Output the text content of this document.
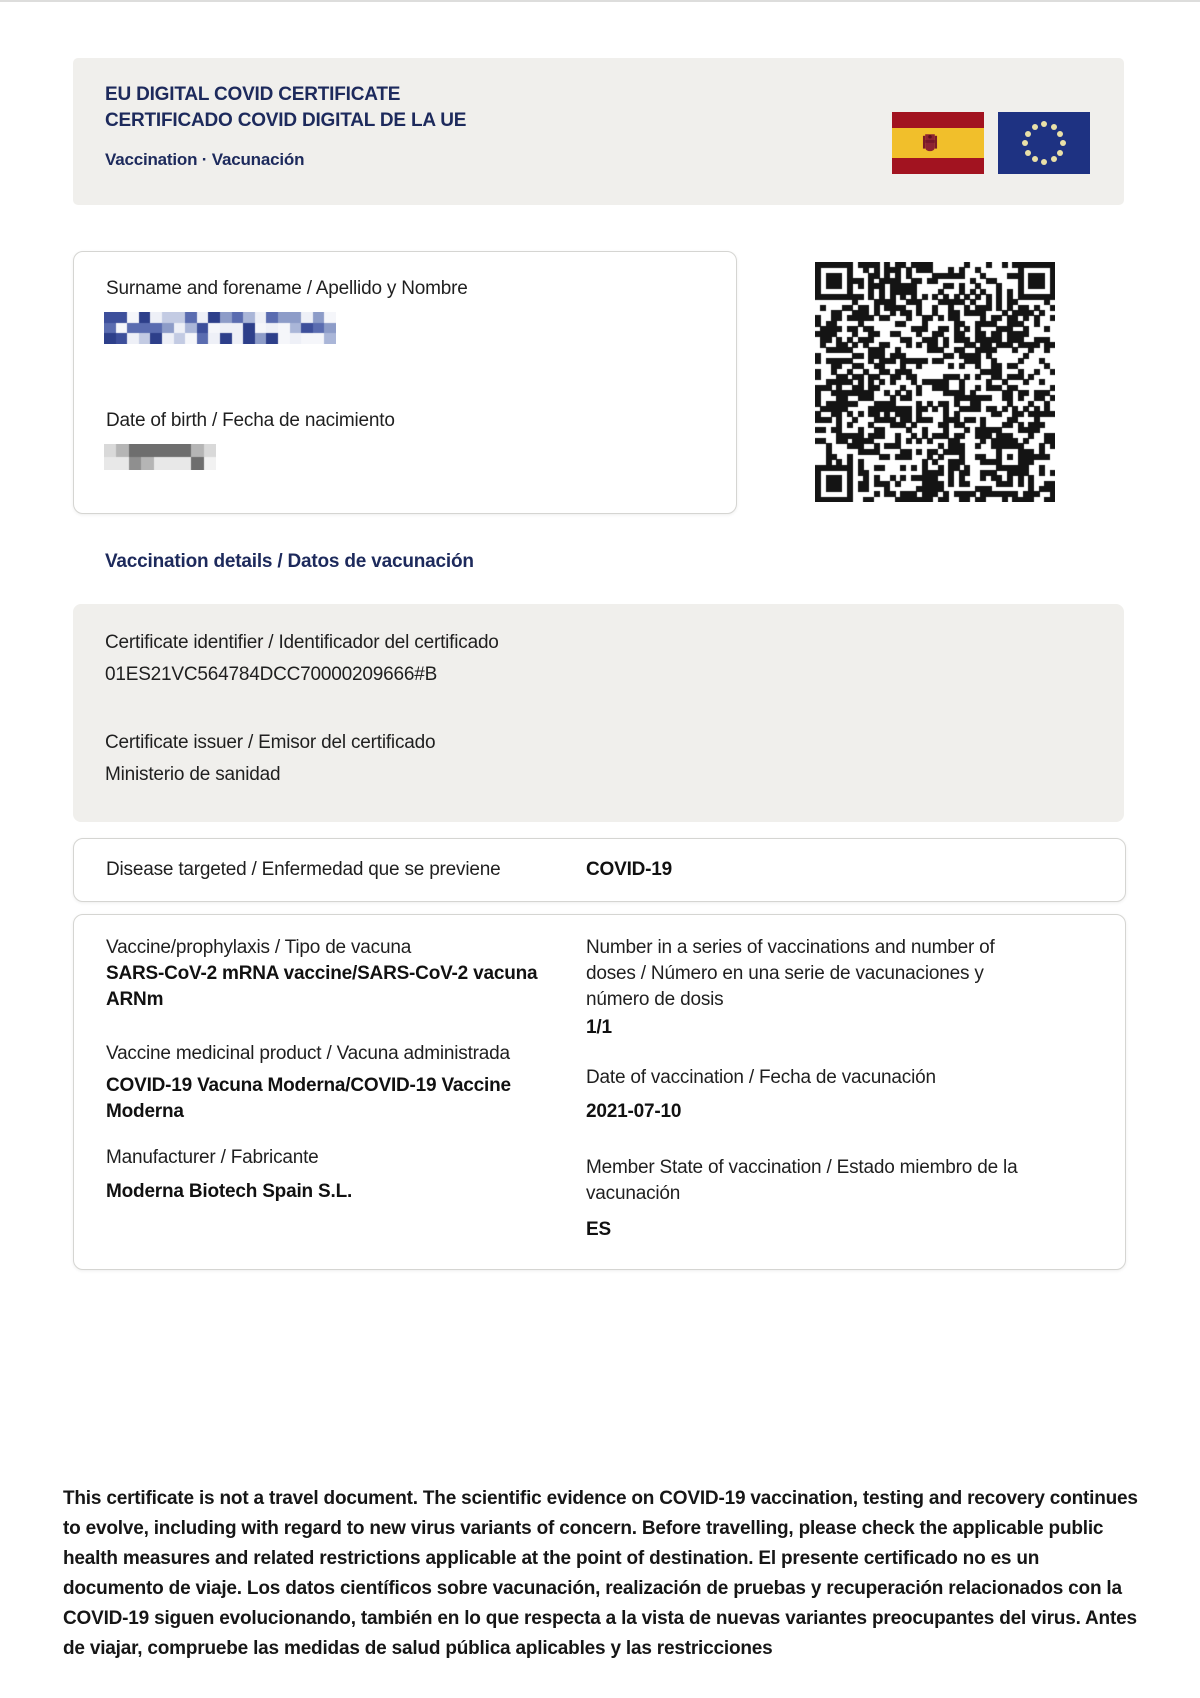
EU DIGITAL COVID CERTIFICATE
CERTIFICADO COVID DIGITAL DE LA UE
Vaccination · Vacunación
Surname and forename / Apellido y Nombre
Date of birth / Fecha de nacimiento
Vaccination details / Datos de vacunación
Certificate identifier / Identificador del certificado
01ES21VC564784DCC70000209666#B
Certificate issuer / Emisor del certificado
Ministerio de sanidad
Disease targeted / Enfermedad que se previene	COVID-19
Vaccine/prophylaxis / Tipo de vacuna
SARS-CoV-2 mRNA vaccine/SARS-CoV-2 vacuna ARNm
Vaccine medicinal product / Vacuna administrada
COVID-19 Vacuna Moderna/COVID-19 Vaccine Moderna
Manufacturer / Fabricante
Moderna Biotech Spain S.L.
Number in a series of vaccinations and number of doses / Número en una serie de vacunaciones y número de dosis
1/1
Date of vaccination / Fecha de vacunación
2021-07-10
Member State of vaccination / Estado miembro de la vacunación
ES
This certificate is not a travel document. The scientific evidence on COVID-19 vaccination, testing and recovery continues to evolve, including with regard to new virus variants of concern. Before travelling, please check the applicable public health measures and related restrictions applicable at the point of destination. El presente certificado no es un documento de viaje. Los datos científicos sobre vacunación, realización de pruebas y recuperación relacionados con la COVID-19 siguen evolucionando, también en lo que respecta a la vista de nuevas variantes preocupantes del virus. Antes de viajar, compruebe las medidas de salud pública aplicables y las restricciones
